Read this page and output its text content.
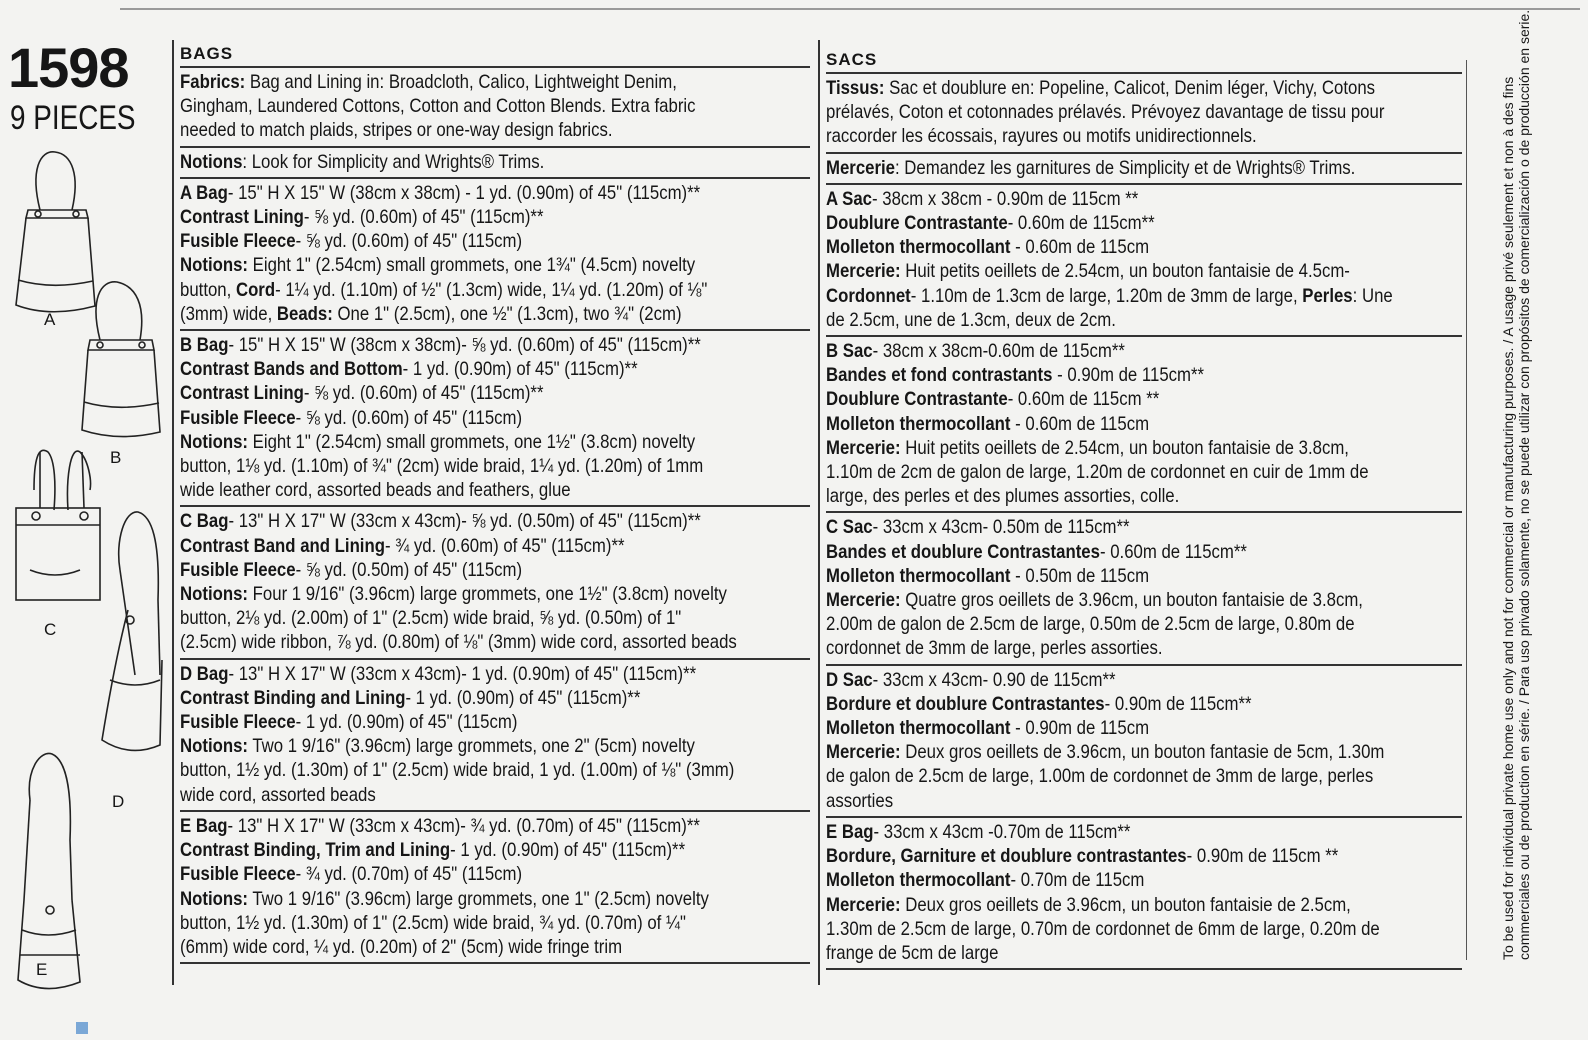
1598
9 PIECES
A
B
C
D
E
BAGS
Fabrics: Bag and Lining in: Broadcloth, Calico, Lightweight Denim,
Gingham, Laundered Cottons, Cotton and Cotton Blends. Extra fabric
needed to match plaids, stripes or one-way design fabrics.
Notions: Look for Simplicity and Wrights® Trims.
A Bag- 15" H X 15" W (38cm x 38cm) - 1 yd. (0.90m) of 45" (115cm)**
Contrast Lining- ⅝ yd. (0.60m) of 45" (115cm)**
Fusible Fleece- ⅝ yd. (0.60m) of 45" (115cm)
Notions: Eight 1" (2.54cm) small grommets, one 1¾" (4.5cm) novelty
button, Cord- 1¼ yd. (1.10m) of ½" (1.3cm) wide, 1¼ yd. (1.20m) of ⅛"
(3mm) wide, Beads: One 1" (2.5cm), one ½" (1.3cm), two ¾" (2cm)
B Bag- 15" H X 15" W (38cm x 38cm)- ⅝ yd. (0.60m) of 45" (115cm)**
Contrast Bands and Bottom- 1 yd. (0.90m) of 45" (115cm)**
Contrast Lining- ⅝ yd. (0.60m) of 45" (115cm)**
Fusible Fleece- ⅝ yd. (0.60m) of 45" (115cm)
Notions: Eight 1" (2.54cm) small grommets, one 1½" (3.8cm) novelty
button, 1⅛ yd. (1.10m) of ¾" (2cm) wide braid, 1¼ yd. (1.20m) of 1mm
wide leather cord, assorted beads and feathers, glue
C Bag- 13" H X 17" W (33cm x 43cm)- ⅝ yd. (0.50m) of 45" (115cm)**
Contrast Band and Lining- ¾ yd. (0.60m) of 45" (115cm)**
Fusible Fleece- ⅝ yd. (0.50m) of 45" (115cm)
Notions: Four 1 9/16" (3.96cm) large grommets, one 1½" (3.8cm) novelty
button, 2⅛ yd. (2.00m) of 1" (2.5cm) wide braid, ⅝ yd. (0.50m) of 1"
(2.5cm) wide ribbon, ⅞ yd. (0.80m) of ⅛" (3mm) wide cord, assorted beads
D Bag- 13" H X 17" W (33cm x 43cm)- 1 yd. (0.90m) of 45" (115cm)**
Contrast Binding and Lining- 1 yd. (0.90m) of 45" (115cm)**
Fusible Fleece- 1 yd. (0.90m) of 45" (115cm)
Notions: Two 1 9/16" (3.96cm) large grommets, one 2" (5cm) novelty
button, 1½ yd. (1.30m) of 1" (2.5cm) wide braid, 1 yd. (1.00m) of ⅛" (3mm)
wide cord, assorted beads
E Bag- 13" H X 17" W (33cm x 43cm)- ¾ yd. (0.70m) of 45" (115cm)**
Contrast Binding, Trim and Lining- 1 yd. (0.90m) of 45" (115cm)**
Fusible Fleece- ¾ yd. (0.70m) of 45" (115cm)
Notions: Two 1 9/16" (3.96cm) large grommets, one 1" (2.5cm) novelty
button, 1½ yd. (1.30m) of 1" (2.5cm) wide braid, ¾ yd. (0.70m) of ¼"
(6mm) wide cord, ¼ yd. (0.20m) of 2" (5cm) wide fringe trim
SACS
Tissus: Sac et doublure en: Popeline, Calicot, Denim léger, Vichy, Cotons
prélavés, Coton et cotonnades prélavés. Prévoyez davantage de tissu pour
raccorder les écossais, rayures ou motifs unidirectionnels.
Mercerie: Demandez les garnitures de Simplicity et de Wrights® Trims.
A Sac- 38cm x 38cm - 0.90m de 115cm **
Doublure Contrastante- 0.60m de 115cm**
Molleton thermocollant - 0.60m de 115cm
Mercerie: Huit petits oeillets de 2.54cm, un bouton fantaisie de 4.5cm-
Cordonnet- 1.10m de 1.3cm de large, 1.20m de 3mm de large, Perles: Une
de 2.5cm, une de 1.3cm, deux de 2cm.
B Sac- 38cm x 38cm-0.60m de 115cm**
Bandes et fond contrastants - 0.90m de 115cm**
Doublure Contrastante- 0.60m de 115cm **
Molleton thermocollant - 0.60m de 115cm
Mercerie: Huit petits oeillets de 2.54cm, un bouton fantaisie de 3.8cm,
1.10m de 2cm de galon de large, 1.20m de cordonnet en cuir de 1mm de
large, des perles et des plumes assorties, colle.
C Sac- 33cm x 43cm- 0.50m de 115cm**
Bandes et doublure Contrastantes- 0.60m de 115cm**
Molleton thermocollant - 0.50m de 115cm
Mercerie: Quatre gros oeillets de 3.96cm, un bouton fantaisie de 3.8cm,
2.00m de galon de 2.5cm de large, 0.50m de 2.5cm de large, 0.80m de
cordonnet de 3mm de large, perles assorties.
D Sac- 33cm x 43cm- 0.90 de 115cm**
Bordure et doublure Contrastantes- 0.90m de 115cm**
Molleton thermocollant - 0.90m de 115cm
Mercerie: Deux gros oeillets de 3.96cm, un bouton fantasie de 5cm, 1.30m
de galon de 2.5cm de large, 1.00m de cordonnet de 3mm de large, perles
assorties
E Bag- 33cm x 43cm -0.70m de 115cm**
Bordure, Garniture et doublure contrastantes- 0.90m de 115cm **
Molleton thermocollant- 0.70m de 115cm
Mercerie: Deux gros oeillets de 3.96cm, un bouton fantaisie de 2.5cm,
1.30m de 2.5cm de large, 0.70m de cordonnet de 6mm de large, 0.20m de
frange de 5cm de large	To be used for individual private home use only and not for commercial or manufacturing purposes. / A usage privé seulement et non à des fins commerciales ou de production en série. / Para uso privado solamente, no se puede utilizar con propósitos de comercialización o de producción en serie.
